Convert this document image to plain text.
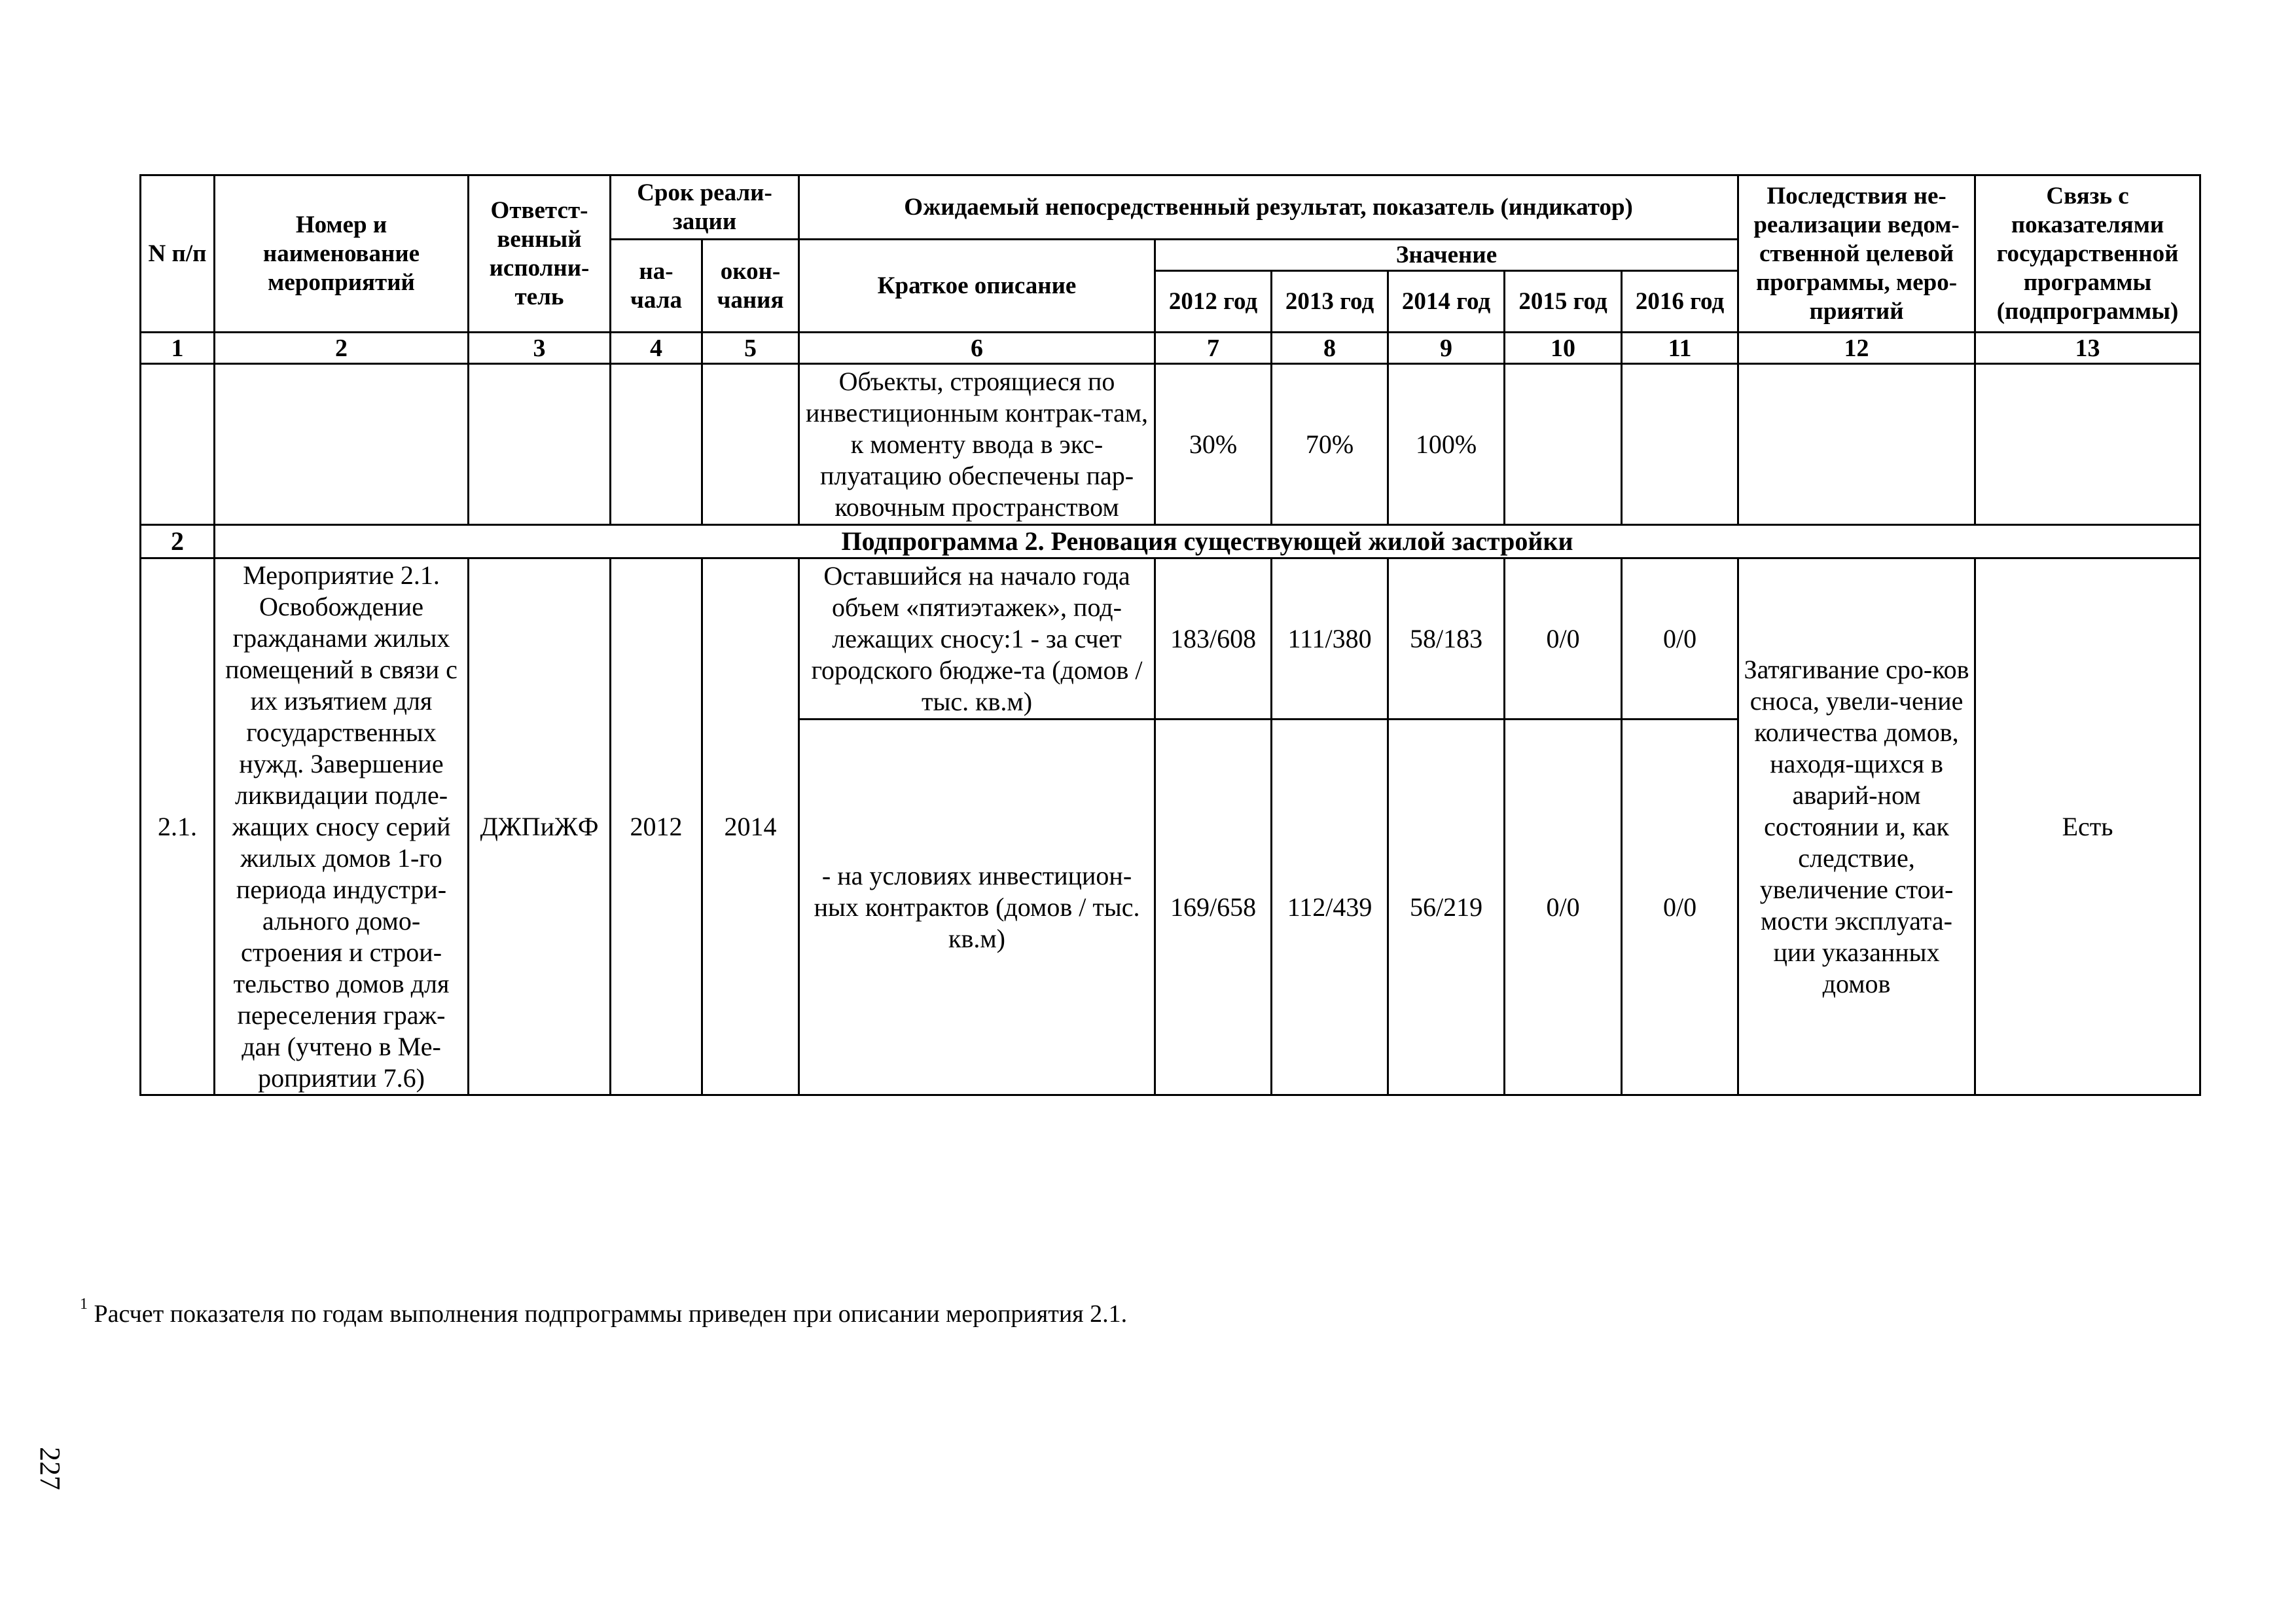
N п/п	Номер и наименование мероприятий	Ответст-венный исполни-тель	Срок реали-зации		Ожидаемый непосредственный результат, показатель (индикатор)						Последствия не-реализации ведом-ственной целевой программы, меро-приятий	Связь с показателями государственной программы (подпрограммы)
			на-чала	окон-чания	Краткое описание	Значение						
						2012 год	2013 год	2014 год	2015 год	2016 год		

1	2	3	4	5	6	7	8	9	10	11	12	13
					Объекты, строящиеся по инвестиционным контрак-там, к моменту ввода в экс-плуатацию обеспечены пар-ковочным пространством	30%	70%	100%				
2	Подпрограмма 2. Реновация существующей жилой застройки											
2.1.	Мероприятие 2.1. Освобождение гражданами жилых помещений в связи с их изъятием для государственных нужд. Завершение ликвидации подле-жащих сносу серий жилых домов 1-го периода индустри-ального домо-строения и строи-тельство домов для переселения граж-дан (учтено в Ме-роприятии 7.6)	ДЖПиЖФ	2012	2014	Оставшийся на начало года объем «пятиэтажек», под-лежащих сносу:1 - за счет городского бюдже-та (домов / тыс. кв.м)	183/608	111/380	58/183	0/0	0/0	Затягивание сро-ков сноса, увели-чение количества домов, находя-щихся в аварий-ном состоянии и, как следствие, увеличение стои-мости эксплуата-ции указанных домов	Есть
					- на условиях инвестицион-ных контрактов (домов / тыс. кв.м)	169/658	112/439	56/219	0/0	0/0		
$^1$ Расчет показателя по годам выполнения подпрограммы приведен при описании мероприятия 2.1.
227
